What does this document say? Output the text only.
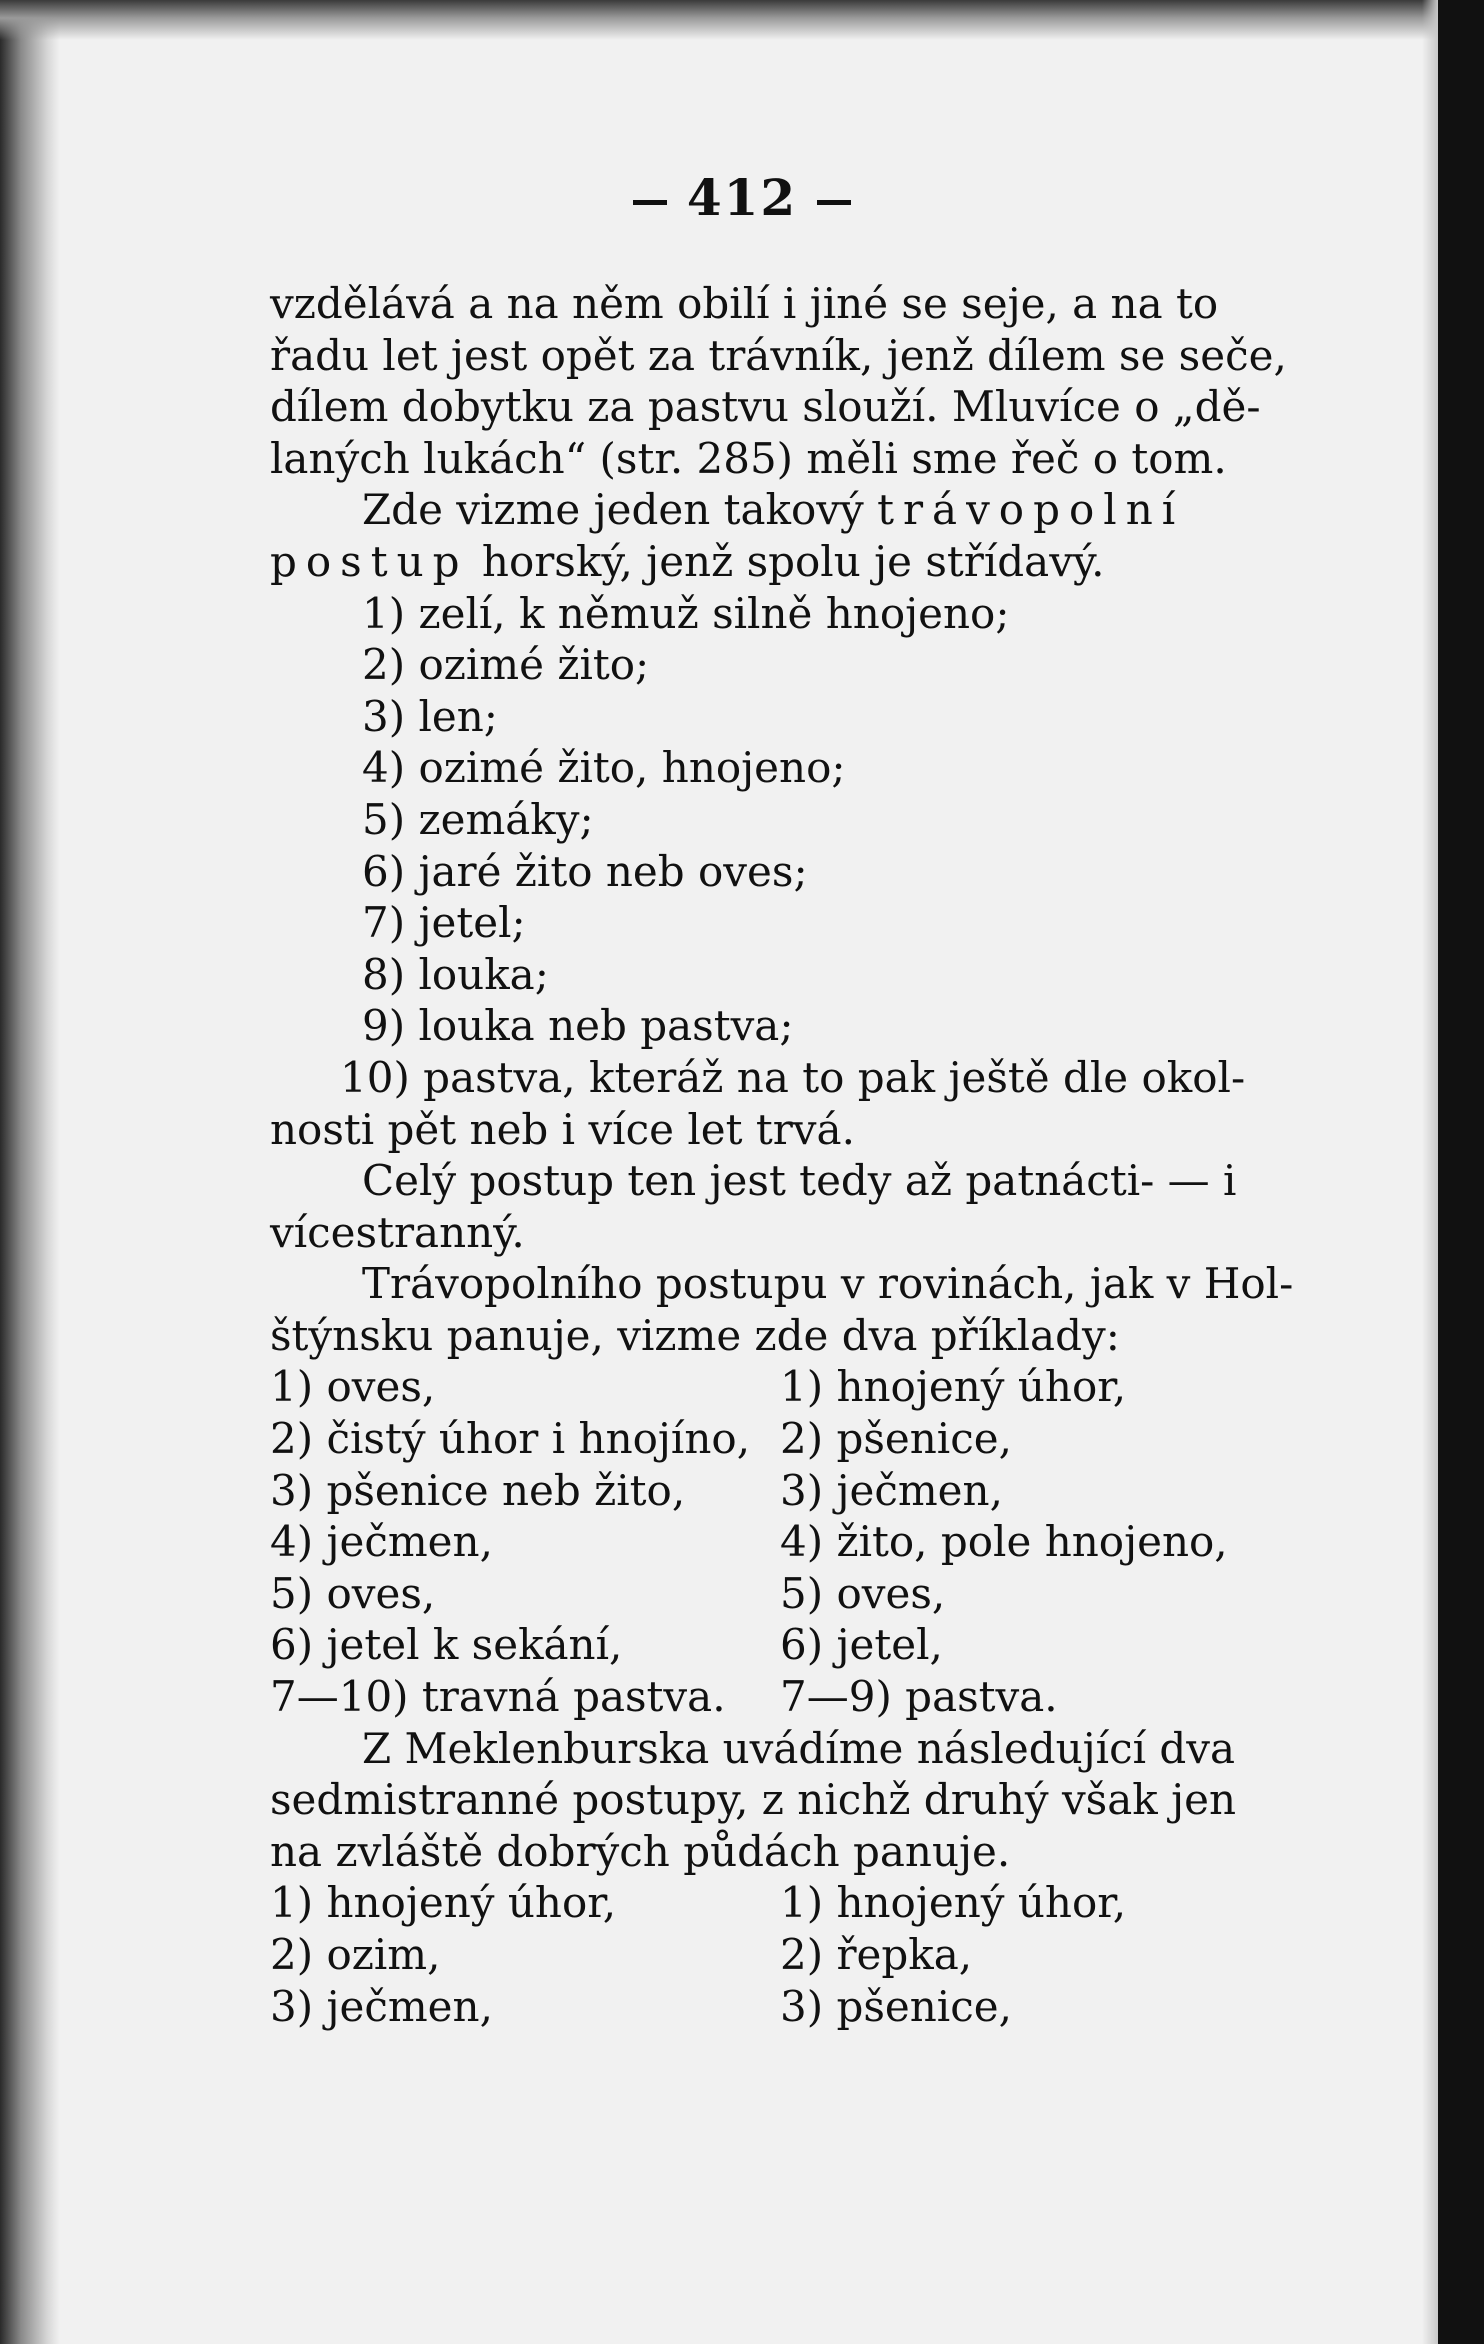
412
vzdělává a na něm obilí i jiné se seje, a na to
řadu let jest opět za trávník, jenž dílem se seče,
dílem dobytku za pastvu slouží. Mluvíce o „dě-
laných lukách“ (str. 285) měli sme řeč o tom.
Zde vizme jeden takový trávopolní
postup horský, jenž spolu je střídavý.
1) zelí, k němuž silně hnojeno;
2) ozimé žito;
3) len;
4) ozimé žito, hnojeno;
5) zemáky;
6) jaré žito neb oves;
7) jetel;
8) louka;
9) louka neb pastva;
10) pastva, kteráž na to pak ještě dle okol-
nosti pět neb i více let trvá.
Celý postup ten jest tedy až patnácti- — i
vícestranný.
Trávopolního postupu v rovinách, jak v Hol-
štýnsku panuje, vizme zde dva příklady:
1) oves,	1) hnojený úhor,
2) čistý úhor i hnojíno, 2) pšenice,
3) pšenice neb žito,	3) ječmen,
4) ječmen,	4) žito, pole hnojeno,
5) oves,	5) oves,
6) jetel k sekání,	6) jetel,
7—10) travná pastva.	7—9) pastva.
Z Meklenburska uvádíme následující dva
sedmistranné postupy, z nichž druhý však jen
na zvláště dobrých půdách panuje.
1) hnojený úhor,	1) hnojený úhor,
2) ozim,	2) řepka,
3) ječmen,	3) pšenice,
